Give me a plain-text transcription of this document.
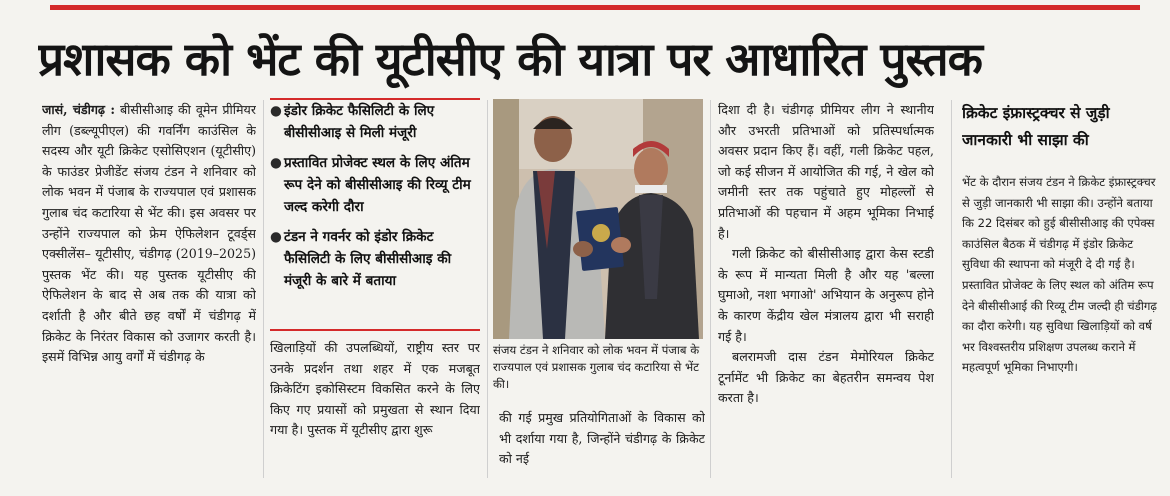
प्रशासक को भेंट की यूटीसीए की यात्रा पर आधारित पुस्तक

जासं, चंडीगढ़ : बीसीसीआइ की वूमेन प्रीमियर लीग (डब्ल्यूपीएल) की गवर्निंग काउंसिल के सदस्य और यूटी क्रिकेट एसोसिएशन (यूटीसीए) के फाउंडर प्रेजीडेंट संजय टंडन ने शनिवार को लोक भवन में पंजाब के राज्यपाल एवं प्रशासक गुलाब चंद कटारिया से भेंट की। इस अवसर पर उन्होंने राज्यपाल को फ्रेम ऐफिलेशन टूवर्ड्स एक्सीलेंस– यूटीसीए, चंडीगढ़ (2019–2025) पुस्तक भेंट की। यह पुस्तक यूटीसीए की ऐफिलेशन के बाद से अब तक की यात्रा को दर्शाती है और बीते छह वर्षों में चंडीगढ़ में क्रिकेट के निरंतर विकास को उजागर करती है। इसमें विभिन्न आयु वर्गों में चंडीगढ़ के

● इंडोर क्रिकेट फैसिलिटी के लिए बीसीसीआइ से मिली मंजूरी
● प्रस्तावित प्रोजेक्ट स्थल के लिए अंतिम रूप देने को बीसीसीआइ की रिव्यू टीम जल्द करेगी दौरा
● टंडन ने गवर्नर को इंडोर क्रिकेट फैसिलिटी के लिए बीसीसीआइ की मंजूरी के बारे में बताया

खिलाड़ियों की उपलब्धियों, राष्ट्रीय स्तर पर उनके प्रदर्शन तथा शहर में एक मजबूत क्रिकेटिंग इकोसिस्टम विकसित करने के लिए किए गए प्रयासों को प्रमुखता से स्थान दिया गया है। पुस्तक में यूटीसीए द्वारा शुरू

संजय टंडन ने शनिवार को लोक भवन में पंजाब के राज्यपाल एवं प्रशासक गुलाब चंद कटारिया से भेंट की।

की गई प्रमुख प्रतियोगिताओं के विकास को भी दर्शाया गया है, जिन्होंने चंडीगढ़ के क्रिकेट को नई

दिशा दी है। चंडीगढ़ प्रीमियर लीग ने स्थानीय और उभरती प्रतिभाओं को प्रतिस्पर्धात्मक अवसर प्रदान किए हैं। वहीं, गली क्रिकेट पहल, जो कई सीजन में आयोजित की गई, ने खेल को जमीनी स्तर तक पहुंचाते हुए मोहल्लों से प्रतिभाओं की पहचान में अहम भूमिका निभाई है।

गली क्रिकेट को बीसीसीआइ द्वारा केस स्टडी के रूप में मान्यता मिली है और यह 'बल्ला घुमाओ, नशा भगाओ' अभियान के अनुरूप होने के कारण केंद्रीय खेल मंत्रालय द्वारा भी सराही गई है।

बलरामजी दास टंडन मेमोरियल क्रिकेट टूर्नामेंट भी क्रिकेट का बेहतरीन समन्वय पेश करता है।

क्रिकेट इंफ्रास्ट्रक्चर से जुड़ी जानकारी भी साझा की

भेंट के दौरान संजय टंडन ने क्रिकेट इंफ्रास्ट्रक्चर से जुड़ी जानकारी भी साझा की। उन्होंने बताया कि 22 दिसंबर को हुई बीसीसीआइ की एपेक्स काउंसिल बैठक में चंडीगढ़ में इंडोर क्रिकेट सुविधा की स्थापना को मंजूरी दे दी गई है। प्रस्तावित प्रोजेक्ट के लिए स्थल को अंतिम रूप देने बीसीसीआई की रिव्यू टीम जल्दी ही चंडीगढ़ का दौरा करेगी। यह सुविधा खिलाड़ियों को वर्ष भर विश्वस्तरीय प्रशिक्षण उपलब्ध कराने में महत्वपूर्ण भूमिका निभाएगी।
